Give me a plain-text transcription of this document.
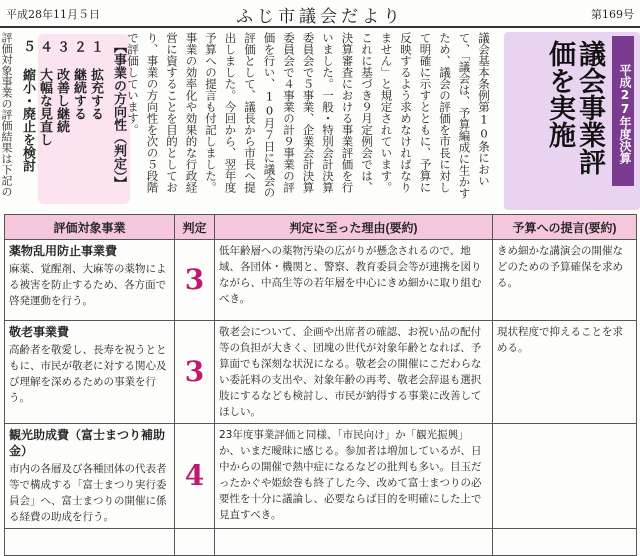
平成28年11月５日	ふじ市議会だより	第169号
評価対象事業の評価結果は下記の
【事業の方向性（判定）】
１ 拡充する
２ 継続する
３ 改善し継続
４ 大幅な見直し
５ 縮小・廃止を検討	議会基本条例第10条において、「議会は、予算編成に生かすため、議会の評価を市長に対して明確に示すとともに、予算に反映するよう求めなければなりません」と規定されています。 これに基づき９月定例会では、決算審査における事業評価を行いました。一般・特別会計決算委員会で５事業、企業会計決算委員会で４事業の計９事業の評価を行い、10月７日に議会の評価として、議長から市長へ提出しました。今回から、翌年度予算への提言も付記しました。 事業の効率化や効果的な行政経営に資することを目的としており、事業の方向性を次の５段階で評価しています。	平成27年度決算
議会事業評
価を実施
評価対象事業	判定	判定に至った理由(要約)	予算への提言(要約)

薬物乱用防止事業費
麻薬、覚醒剤、大麻等の薬物による被害を防止するため、各方面で啓発運動を行う。	3	低年齢層への薬物汚染の広がりが懸念されるので、地域、各団体・機関と、警察、教育委員会等が連携を図りながら、中高生等の若年層を中心にきめ細かに取り組むべき。	きめ細かな講演会の開催などのための予算確保を求める。

敬老事業費
高齢者を敬愛し、長寿を祝うとともに、市民が敬老に対する関心及び理解を深めるための事業を行う。	3	敬老会について、企画や出席者の確認、お祝い品の配付等の負担が大きく、団塊の世代が対象年齢となれば、予算面でも深刻な状況になる。敬老会の開催にこだわらない委託料の支出や、対象年齢の再考、敬老会辞退も選択肢にするなども検討し、市民が納得する事業に改善してほしい。	現状程度で抑えることを求める。

観光助成費（富士まつり補助金）
市内の各層及び各種団体の代表者等で構成する「富士まつり実行委員会」へ、富士まつりの開催に係る経費の助成を行う。	4	23年度事業評価と同様、「市民向け」か「観光振興」か、いまだ曖昧に感じる。参加者は増加しているが、日中からの開催で熱中症になるなどの批判も多い。目玉だったかぐや姫絵巻も終了した今、改めて富士まつりの必要性を十分に議論し、必要ならば目的を明確にした上で見直すべき。	
